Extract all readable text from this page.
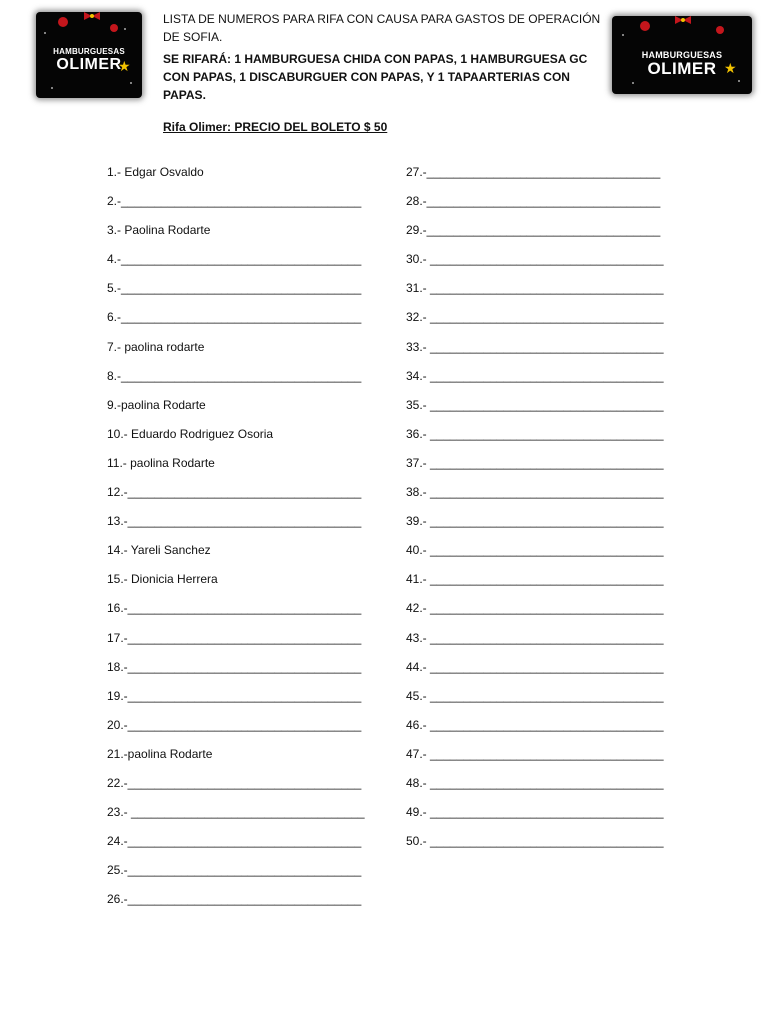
HAMBURGUESAS
OLIMER
★
HAMBURGUESAS
OLIMER ★

LISTA DE NUMEROS PARA RIFA CON CAUSA PARA GASTOS DE OPERACIÓN DE SOFIA.

SE RIFARÁ: 1 HAMBURGUESA CHIDA CON PAPAS, 1 HAMBURGUESA GC CON PAPAS, 1 DISCABURGUER CON PAPAS, Y 1 TAPAARTERIAS CON PAPAS.

Rifa Olimer: PRECIO DEL BOLETO $ 50

1.- Edgar Osvaldo
2.-____________________________________
3.- Paolina Rodarte
4.-____________________________________
5.-____________________________________
6.-____________________________________
7.- paolina rodarte
8.-____________________________________
9.-paolina Rodarte
10.- Eduardo Rodriguez Osoria
11.- paolina Rodarte
12.-___________________________________
13.-___________________________________
14.- Yareli Sanchez
15.- Dionicia Herrera
16.-___________________________________
17.-___________________________________
18.-___________________________________
19.-___________________________________
20.-___________________________________
21.-paolina Rodarte
22.-___________________________________
23.- ___________________________________
24.-___________________________________
25.-___________________________________
26.-___________________________________
27.-___________________________________
28.-___________________________________
29.-___________________________________
30.- ___________________________________
31.- ___________________________________
32.- ___________________________________
33.- ___________________________________
34.- ___________________________________
35.- ___________________________________
36.- ___________________________________
37.- ___________________________________
38.- ___________________________________
39.- ___________________________________
40.- ___________________________________
41.- ___________________________________
42.- ___________________________________
43.- ___________________________________
44.- ___________________________________
45.- ___________________________________
46.- ___________________________________
47.- ___________________________________
48.- ___________________________________
49.- ___________________________________
50.- ___________________________________
